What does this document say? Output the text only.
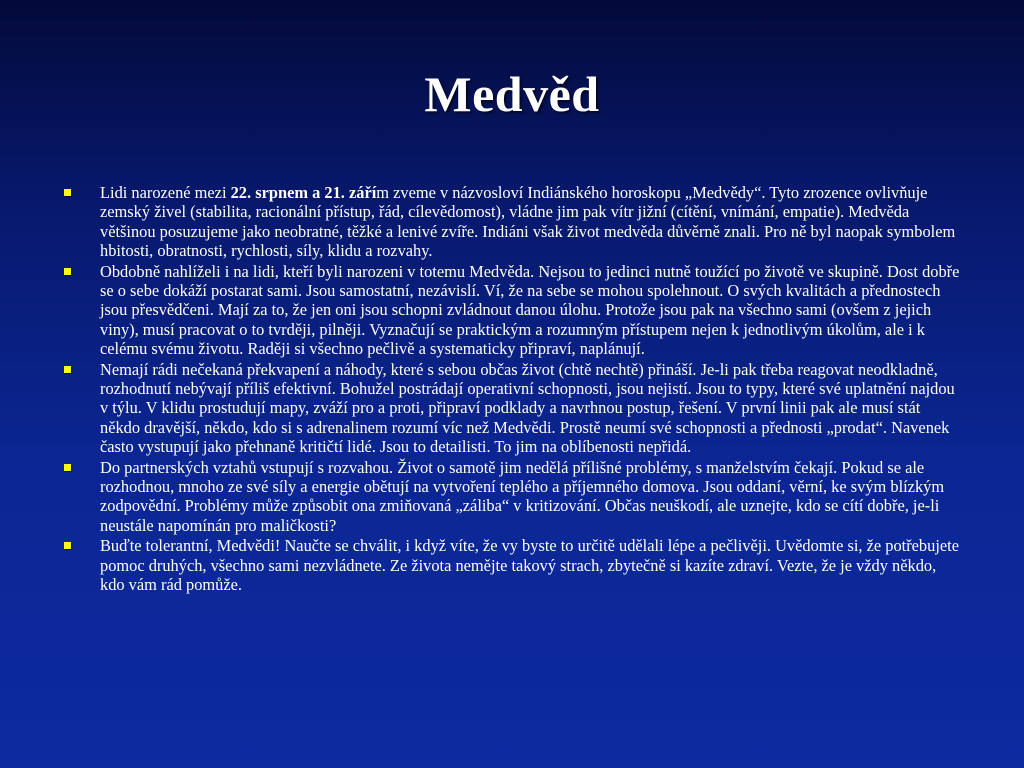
Medvěd
Lidi narozené mezi 22. srpnem a 21. zářím zveme v názvosloví Indiánského horoskopu „Medvědy“. Tyto zrozence ovlivňuje zemský živel (stabilita, racionální přístup, řád, cílevědomost), vládne jim pak vítr jižní (cítění, vnímání, empatie). Medvěda většinou posuzujeme jako neobratné, těžké a lenivé zvíře. Indiáni však život medvěda důvěrně znali. Pro ně byl naopak symbolem hbitosti, obratnosti, rychlosti, síly, klidu a rozvahy.
Obdobně nahlíželi i na lidi, kteří byli narozeni v totemu Medvěda. Nejsou to jedinci nutně toužící po životě ve skupině. Dost dobře se o sebe dokáží postarat sami. Jsou samostatní, nezávislí. Ví, že na sebe se mohou spolehnout. O svých kvalitách a přednostech jsou přesvědčeni. Mají za to, že jen oni jsou schopni zvládnout danou úlohu. Protože jsou pak na všechno sami (ovšem z jejich viny), musí pracovat o to tvrději, pilněji. Vyznačují se praktickým a rozumným přístupem nejen k jednotlivým úkolům, ale i k celému svému životu. Raději si všechno pečlivě a systematicky připraví, naplánují.
Nemají rádi nečekaná překvapení a náhody, které s sebou občas život (chtě nechtě) přináší. Je-li pak třeba reagovat neodkladně, rozhodnutí nebývají příliš efektivní. Bohužel postrádají operativní schopnosti, jsou nejistí. Jsou to typy, které své uplatnění najdou v týlu. V klidu prostudují mapy, zváží pro a proti, připraví podklady a navrhnou postup, řešení. V první linii pak ale musí stát někdo dravější, někdo, kdo si s adrenalinem rozumí víc než Medvědi. Prostě neumí své schopnosti a přednosti „prodat“. Navenek často vystupují jako přehnaně kritičtí lidé. Jsou to detailisti. To jim na oblíbenosti nepřidá.
Do partnerských vztahů vstupují s rozvahou. Život o samotě jim nedělá přílišné problémy, s manželstvím čekají. Pokud se ale rozhodnou, mnoho ze své síly a energie obětují na vytvoření teplého a příjemného domova. Jsou oddaní, věrní, ke svým blízkým zodpovědní. Problémy může způsobit ona zmiňovaná „záliba“ v kritizování. Občas neuškodí, ale uznejte, kdo se cítí dobře, je-li neustále napomínán pro maličkosti?
Buďte tolerantní, Medvědi! Naučte se chválit, i když víte, že vy byste to určitě udělali lépe a pečlivěji. Uvědomte si, že potřebujete pomoc druhých, všechno sami nezvládnete. Ze života nemějte takový strach, zbytečně si kazíte zdraví. Vezte, že je vždy někdo, kdo vám rád pomůže.
